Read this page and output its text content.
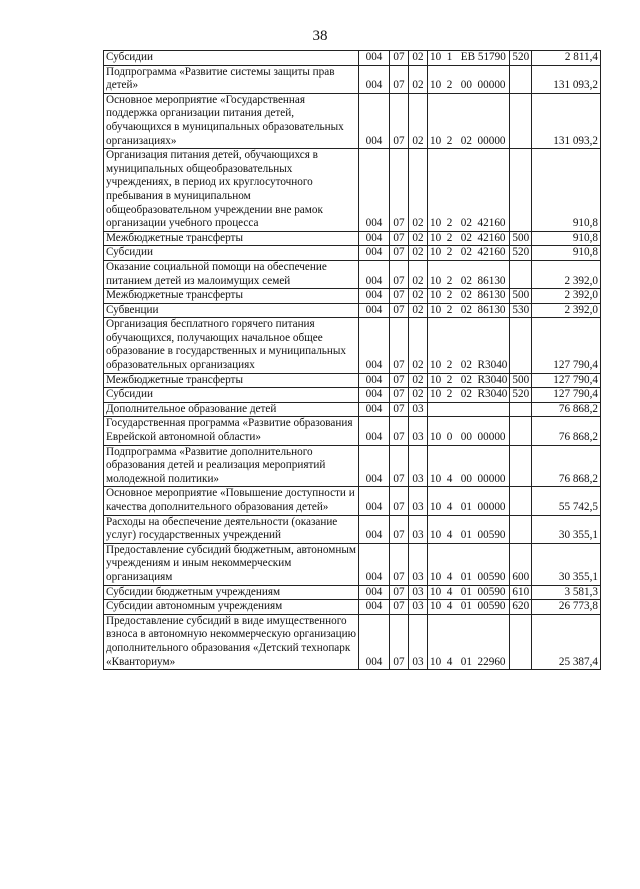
38
Субсидии	004	07	02	10  1   ЕВ 51790	520	2 811,4
Подпрограмма «Развитие системы защиты прав детей»	004	07	02	10  2   00  00000		131 093,2
Основное мероприятие «Государственная поддержка организации питания детей, обучающихся в муниципальных образовательных организациях»	004	07	02	10  2   02  00000		131 093,2
Организация питания детей, обучающихся в муниципальных общеобразовательных учреждениях, в период их круглосуточного пребывания в муниципальном общеобразовательном учреждении вне рамок организации учебного процесса	004	07	02	10  2   02  42160		910,8
Межбюджетные трансферты	004	07	02	10  2   02  42160	500	910,8
Субсидии	004	07	02	10  2   02  42160	520	910,8
Оказание социальной помощи на обеспечение питанием детей из малоимущих семей	004	07	02	10  2   02  86130		2 392,0
Межбюджетные трансферты	004	07	02	10  2   02  86130	500	2 392,0
Субвенции	004	07	02	10  2   02  86130	530	2 392,0
Организация бесплатного горячего питания обучающихся, получающих начальное общее образование в государственных и муниципальных образовательных организациях	004	07	02	10  2   02  R3040		127 790,4
Межбюджетные трансферты	004	07	02	10  2   02  R3040	500	127 790,4
Субсидии	004	07	02	10  2   02  R3040	520	127 790,4
Дополнительное образование детей	004	07	03			76 868,2
Государственная программа «Развитие образования Еврейской автономной области»	004	07	03	10  0   00  00000		76 868,2
Подпрограмма «Развитие дополнительного образования детей и реализация мероприятий молодежной политики»	004	07	03	10  4   00  00000		76 868,2
Основное мероприятие «Повышение доступности и качества дополнительного образования детей»	004	07	03	10  4   01  00000		55 742,5
Расходы на обеспечение деятельности (оказание услуг) государственных учреждений	004	07	03	10  4   01  00590		30 355,1
Предоставление субсидий бюджетным, автономным учреждениям и иным некоммерческим организациям	004	07	03	10  4   01  00590	600	30 355,1
Субсидии бюджетным учреждениям	004	07	03	10  4   01  00590	610	3 581,3
Субсидии автономным учреждениям	004	07	03	10  4   01  00590	620	26 773,8
Предоставление субсидий в виде имущественного взноса в автономную некоммерческую организацию дополнительного образования «Детский технопарк «Кванториум»	004	07	03	10  4   01  22960		25 387,4
